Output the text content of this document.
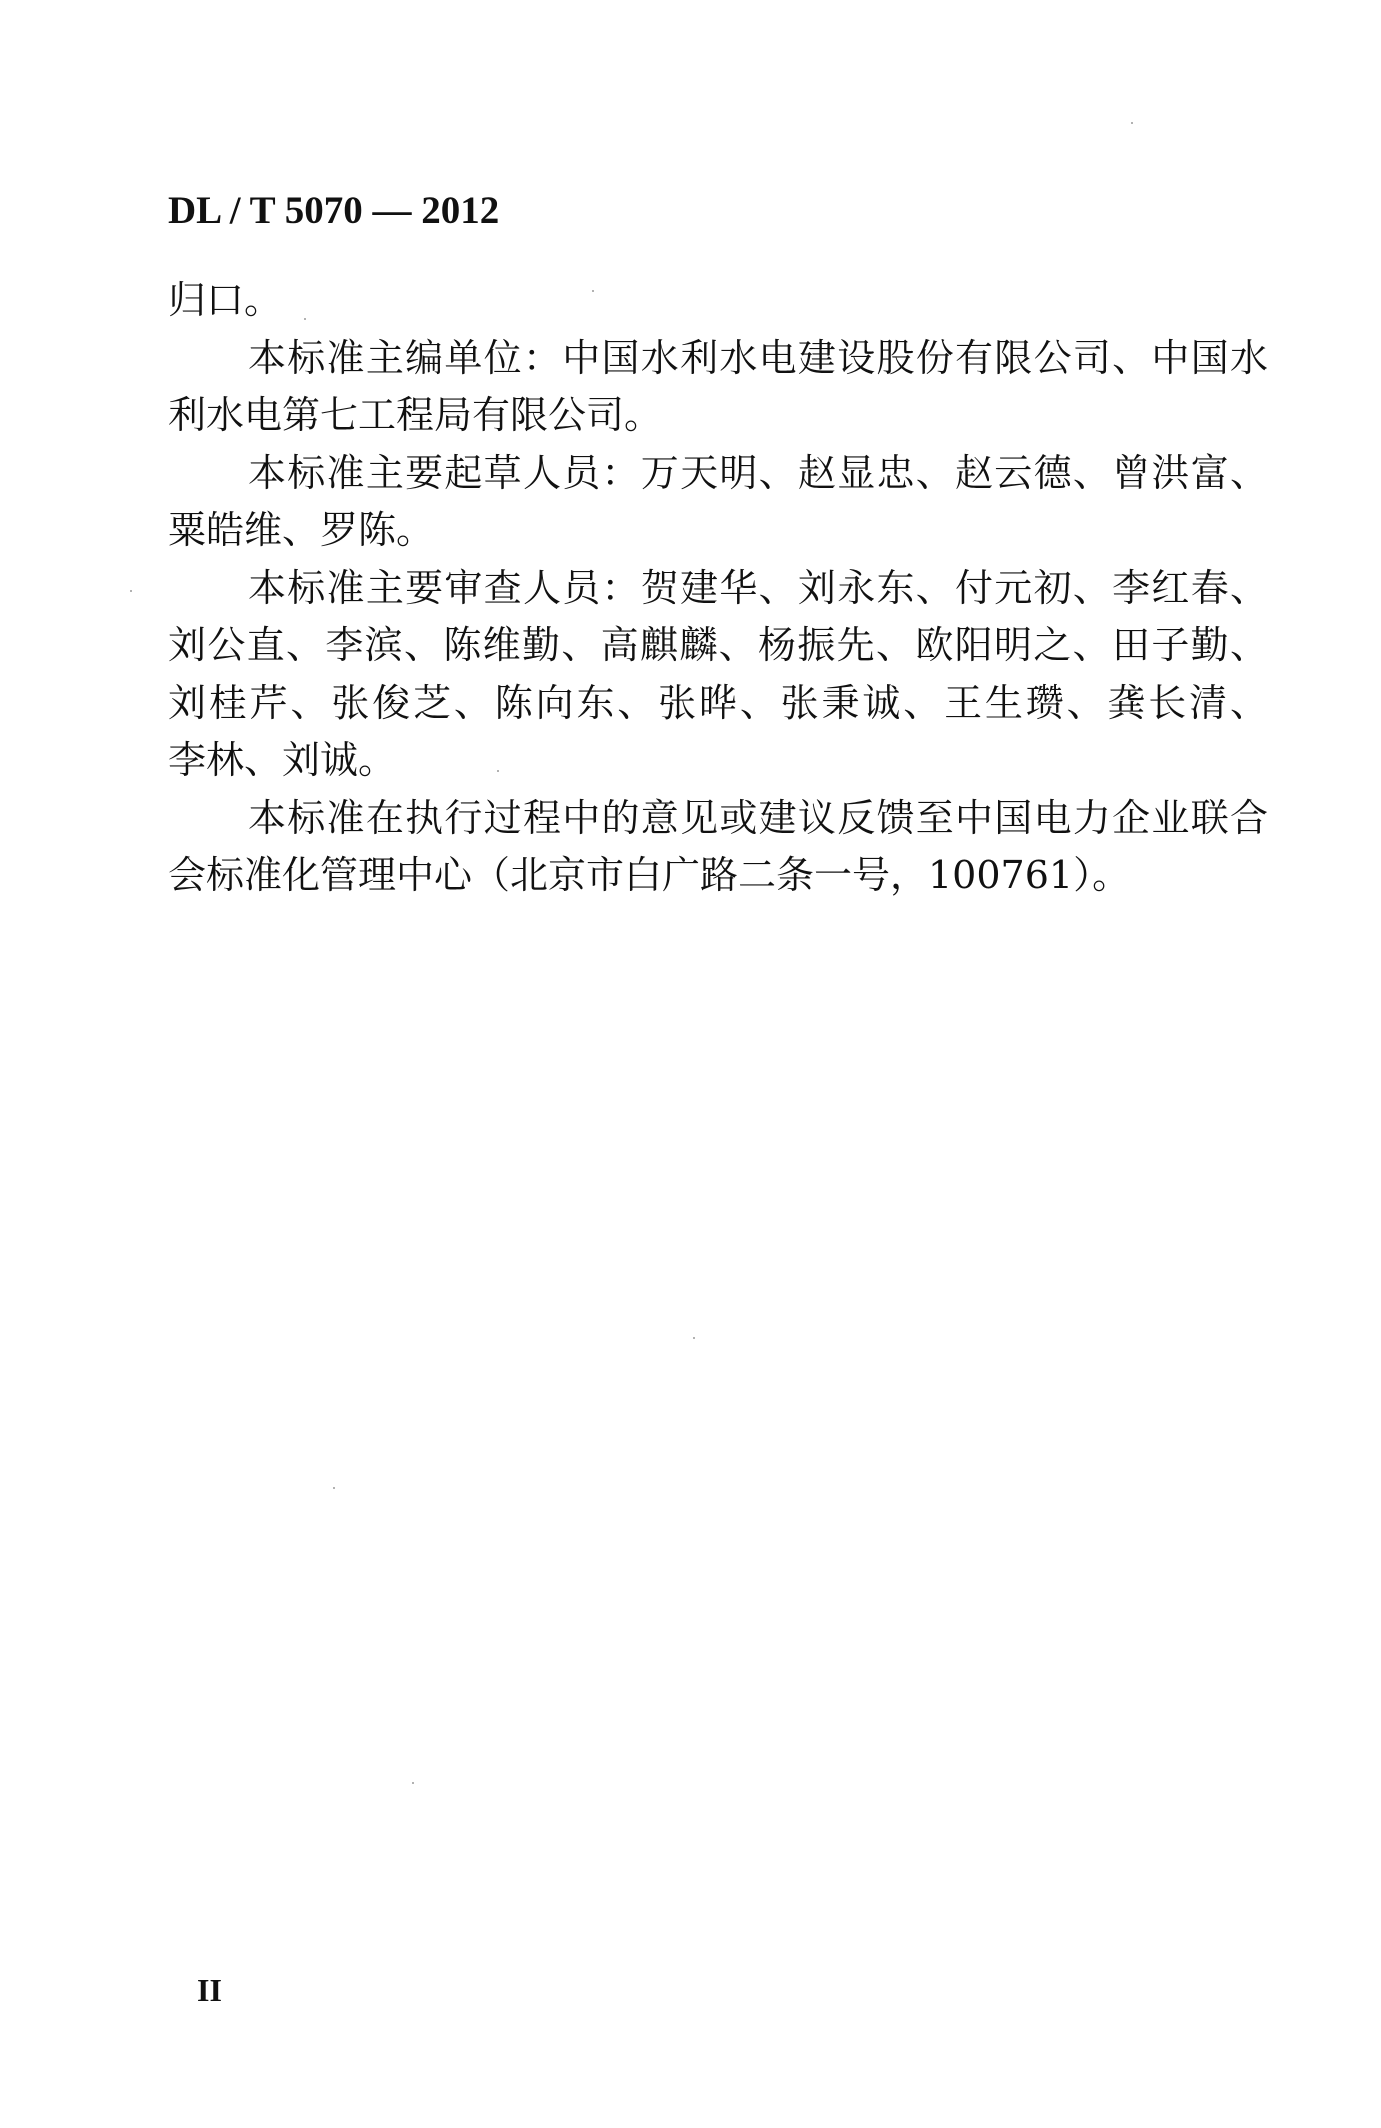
DL / T 5070 — 2012

归口。

本标准主编单位：中国水利水电建设股份有限公司、中国水
利水电第七工程局有限公司。

本标准主要起草人员：万天明、赵显忠、赵云德、曾洪富、
粟皓维、罗陈。

本标准主要审查人员：贺建华、刘永东、付元初、李红春、
刘公直、李滨、陈维勤、高麒麟、杨振先、欧阳明之、田子勤、
刘桂芹、张俊芝、陈向东、张晔、张秉诚、王生瓒、龚长清、
李林、刘诚。

本标准在执行过程中的意见或建议反馈至中国电力企业联合
会标准化管理中心（北京市白广路二条一号，100761）。

II
